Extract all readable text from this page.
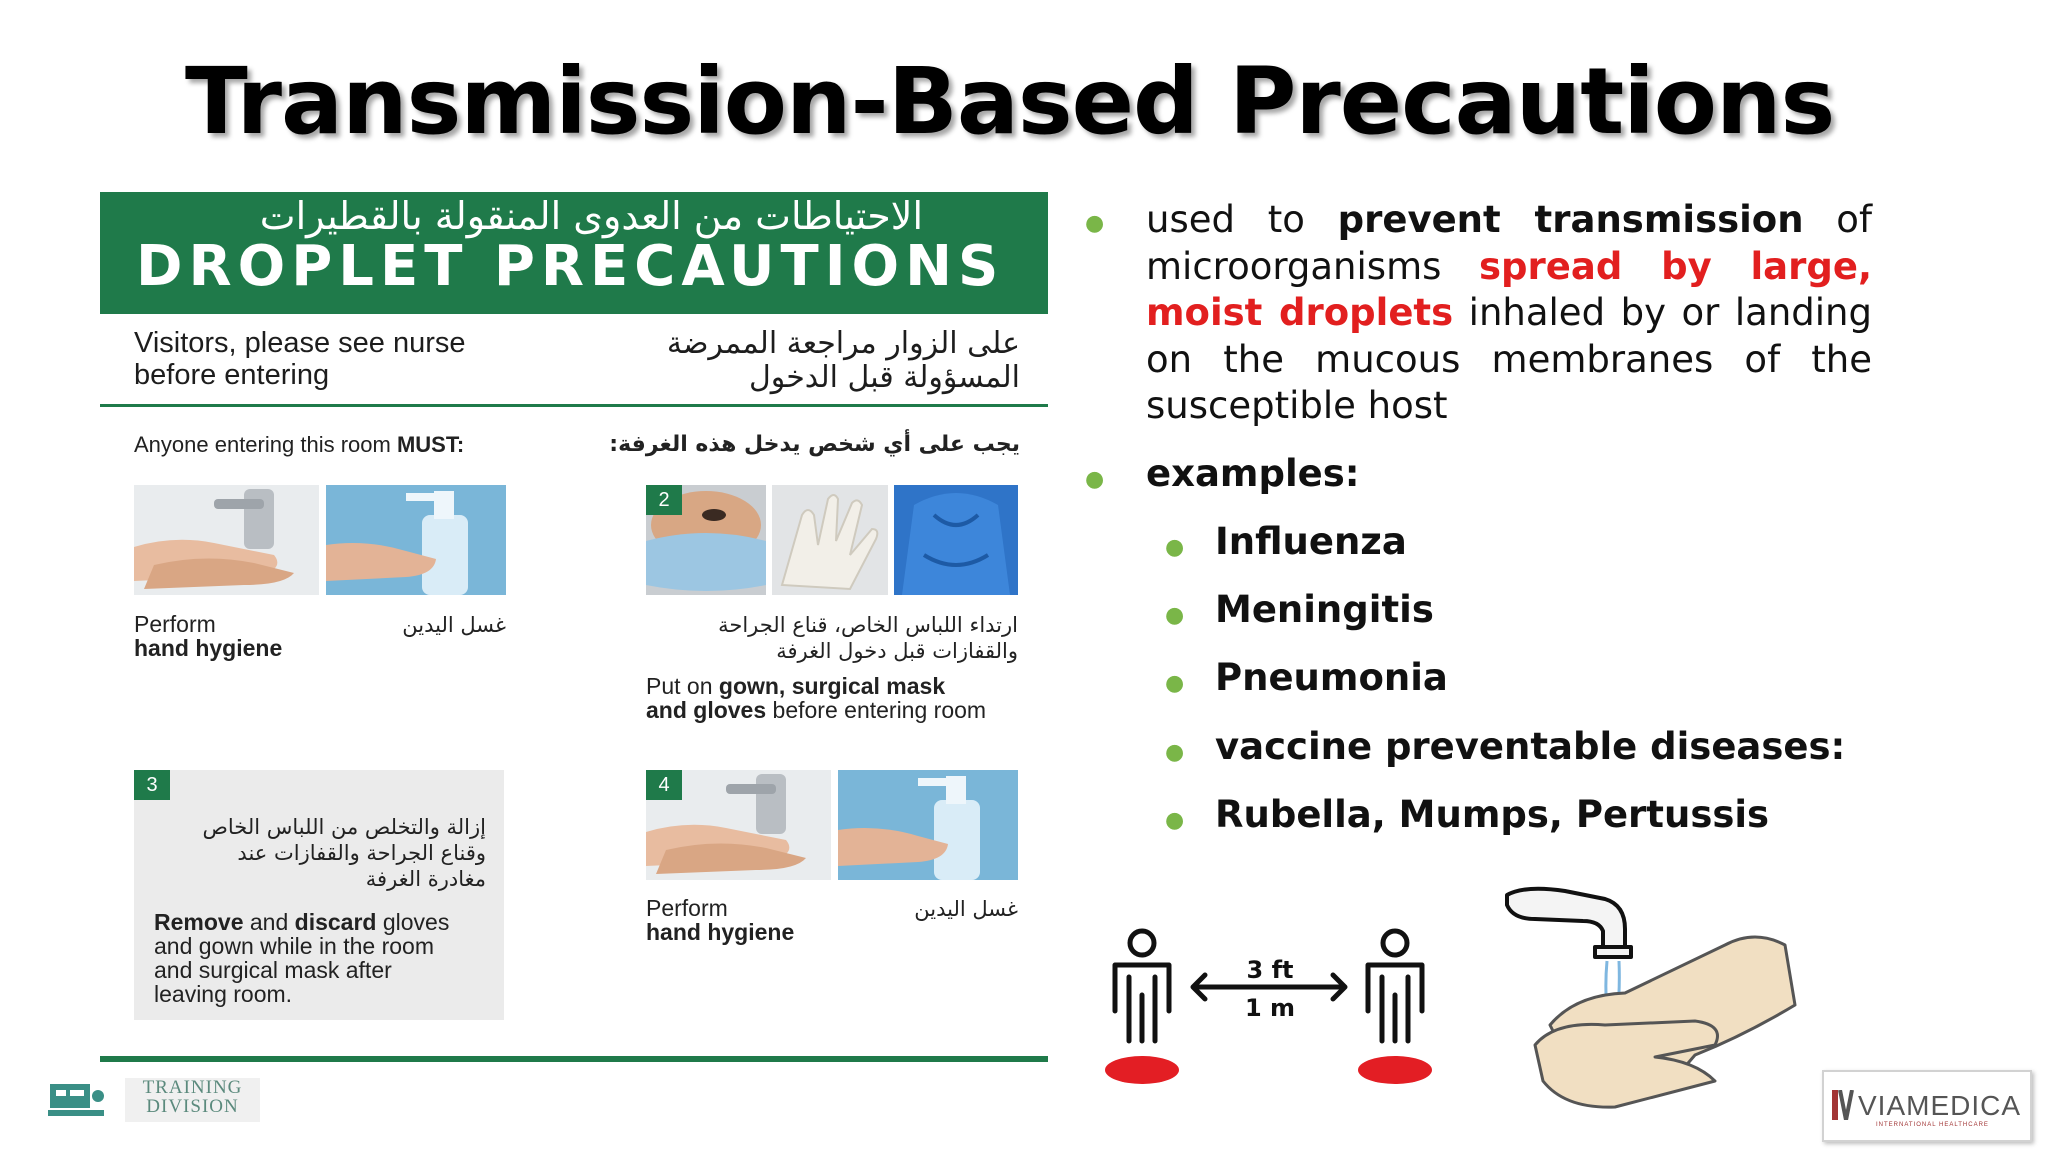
Transmission-Based Precautions
الاحتياطات من العدوى المنقولة بالقطيرات
DROPLET PRECAUTIONS
Visitors, please see nurse
before entering
على الزوار مراجعة الممرضة
المسؤولة قبل الدخول
Anyone entering this room MUST:	يجب على أي شخص يدخل هذه الغرفة:
Perform
hand hygiene
غسل اليدين
2
ارتداء اللباس الخاص، قناع الجراحة
والقفازات قبل دخول الغرفة
Put on gown, surgical mask
and gloves before entering room
3
إزالة والتخلص من اللباس الخاص
وقناع الجراحة والقفازات عند
مغادرة الغرفة
Remove and discard gloves
and gown while in the room
and surgical mask after
leaving room.
4
Perform
hand hygiene
غسل اليدين
● used to prevent transmission of microorganisms spread by large, moist droplets inhaled by or landing on the mucous membranes of the susceptible host
● examples:
● Influenza
● Meningitis
● Pneumonia
● vaccine preventable diseases:
● Rubella, Mumps, Pertussis
3 ft
1 m
TRAINING
DIVISION	VIAMEDICA
INTERNATIONAL HEALTHCARE
